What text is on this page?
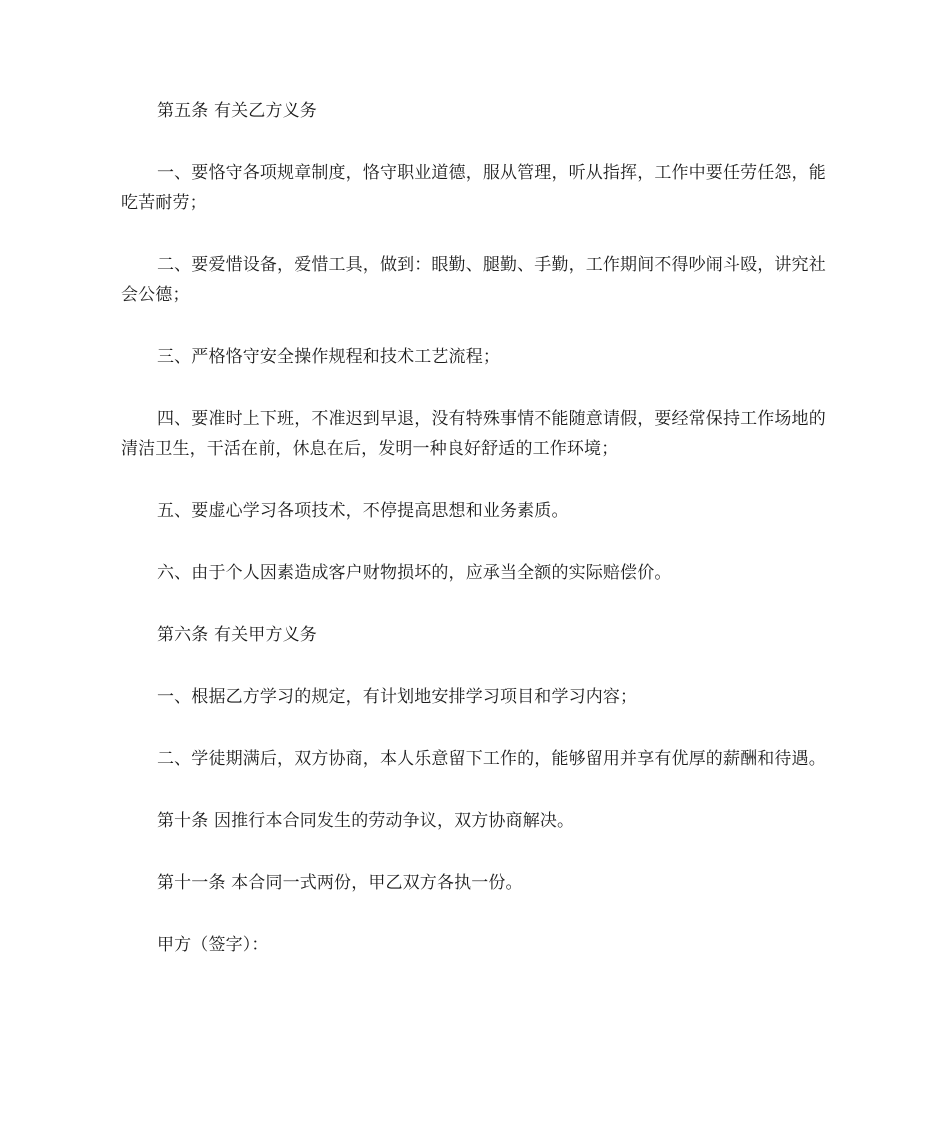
第五条 有关乙方义务

一、要恪守各项规章制度，恪守职业道德，服从管理，听从指挥，工作中要任劳任怨，能吃苦耐劳；

二、要爱惜设备，爱惜工具，做到：眼勤、腿勤、手勤，工作期间不得吵闹斗殴，讲究社会公德；

三、严格恪守安全操作规程和技术工艺流程；

四、要准时上下班，不准迟到早退，没有特殊事情不能随意请假，要经常保持工作场地的清洁卫生，干活在前，休息在后，发明一种良好舒适的工作环境；

五、要虚心学习各项技术，不停提高思想和业务素质。

六、由于个人因素造成客户财物损坏的，应承当全额的实际赔偿价。

第六条 有关甲方义务

一、根据乙方学习的规定，有计划地安排学习项目和学习内容；

二、学徒期满后，双方协商，本人乐意留下工作的，能够留用并享有优厚的薪酬和待遇。

第十条 因推行本合同发生的劳动争议，双方协商解决。

第十一条 本合同一式两份，甲乙双方各执一份。

甲方（签字）：
